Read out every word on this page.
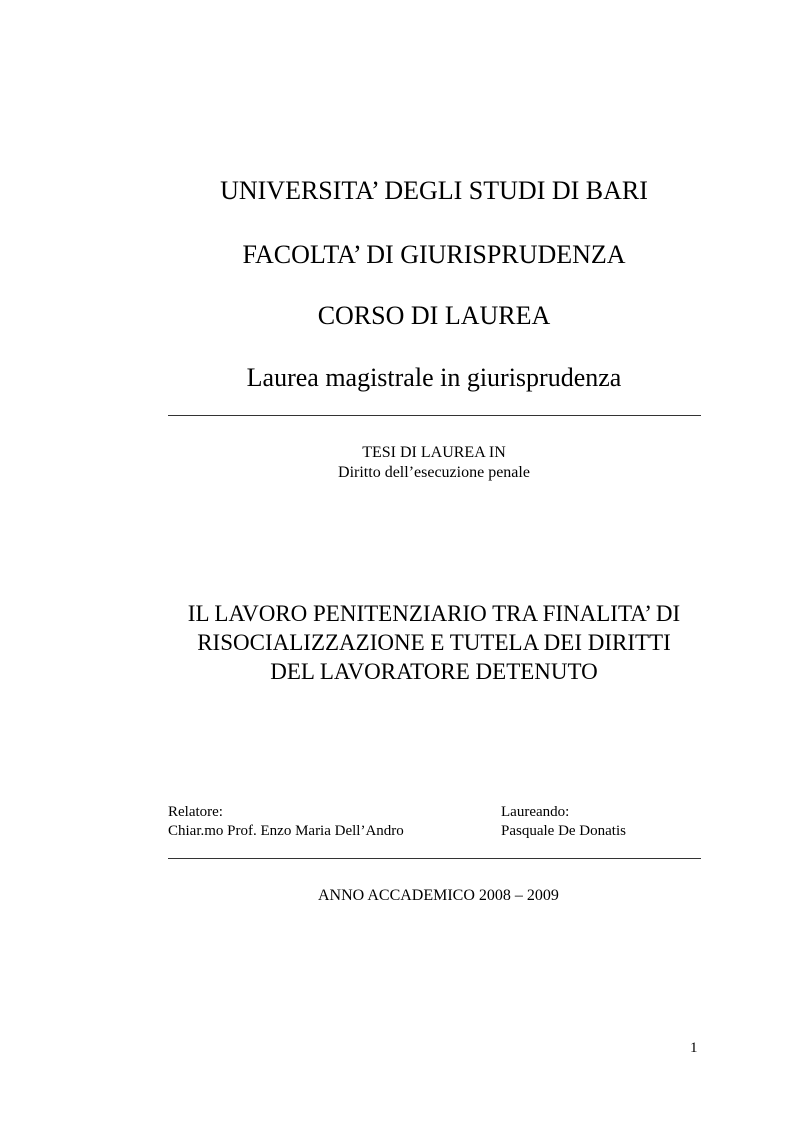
UNIVERSITA’ DEGLI STUDI DI BARI
FACOLTA’ DI GIURISPRUDENZA
CORSO DI LAUREA
Laurea magistrale in giurisprudenza
TESI DI LAUREA IN
Diritto dell’esecuzione penale
IL LAVORO PENITENZIARIO TRA FINALITA’ DI
RISOCIALIZZAZIONE E TUTELA DEI DIRITTI
DEL LAVORATORE DETENUTO
Relatore:
Chiar.mo Prof. Enzo Maria Dell’Andro
Laureando:
Pasquale De Donatis
ANNO ACCADEMICO 2008 – 2009
1
